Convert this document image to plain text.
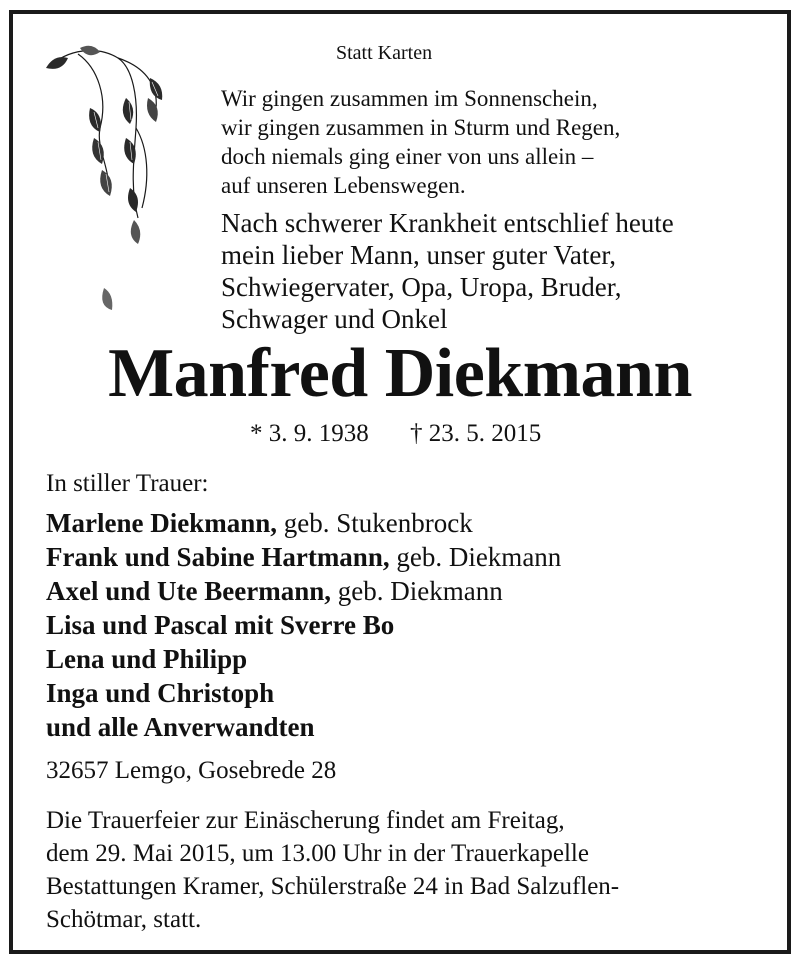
Statt Karten
Wir gingen zusammen im Sonnenschein,
wir gingen zusammen in Sturm und Regen,
doch niemals ging einer von uns allein –
auf unseren Lebenswegen.
Nach schwerer Krankheit entschlief heute
mein lieber Mann, unser guter Vater,
Schwiegervater, Opa, Uropa, Bruder,
Schwager und Onkel
Manfred Diekmann
* 3. 9. 1938 † 23. 5. 2015
In stiller Trauer:
Marlene Diekmann, geb. Stukenbrock
Frank und Sabine Hartmann, geb. Diekmann
Axel und Ute Beermann, geb. Diekmann
Lisa und Pascal mit Sverre Bo
Lena und Philipp
Inga und Christoph
und alle Anverwandten
32657 Lemgo, Gosebrede 28
Die Trauerfeier zur Einäscherung findet am Freitag,
dem 29. Mai 2015, um 13.00 Uhr in der Trauerkapelle
Bestattungen Kramer, Schülerstraße 24 in Bad Salzuflen-
Schötmar, statt.
